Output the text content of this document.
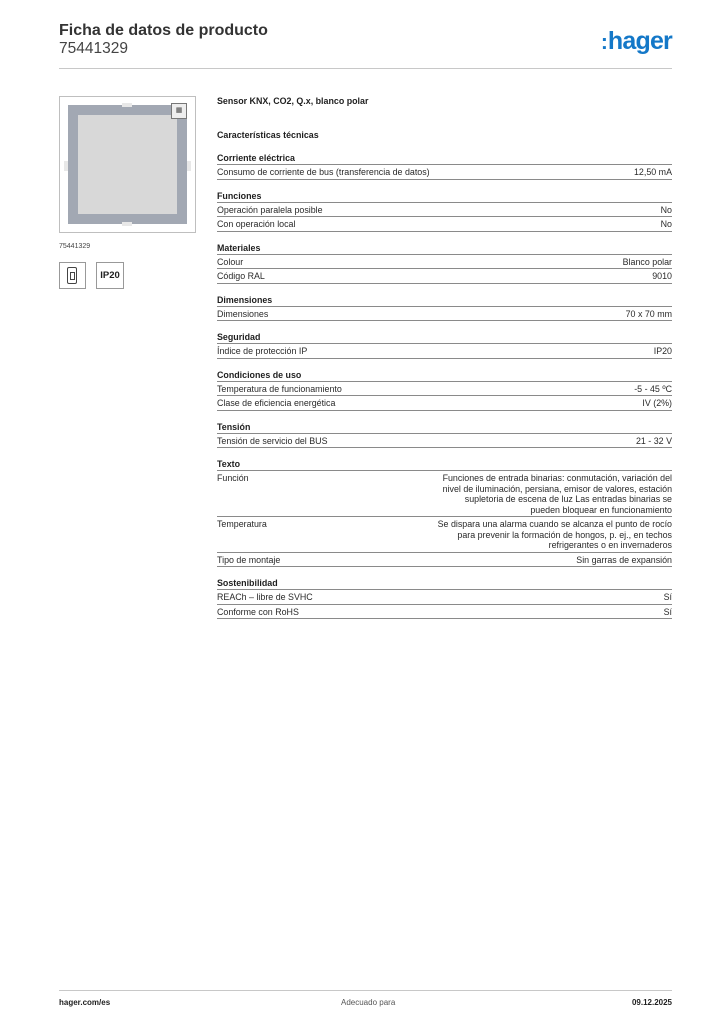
Ficha de datos de producto
75441329	:hager
▦
75441329
IP20
Sensor KNX, CO2, Q.x, blanco polar
Características técnicas
Corriente eléctrica
Consumo de corriente de bus (transferencia de datos)	12,50 mA
Funciones
Operación paralela posible	No
Con operación local	No
Materiales
Colour	Blanco polar
Código RAL	9010
Dimensiones
Dimensiones	70 x 70 mm
Seguridad
Índice de protección IP	IP20
Condiciones de uso
Temperatura de funcionamiento	-5 - 45 ºC
Clase de eficiencia energética	IV (2%)
Tensión
Tensión de servicio del BUS	21 - 32 V
Texto
Función	Funciones de entrada binarias: conmutación, variación del nivel de iluminación, persiana, emisor de valores, estación supletoria de escena de luz Las entradas binarias se pueden bloquear en funcionamiento
Temperatura	Se dispara una alarma cuando se alcanza el punto de rocío para prevenir la formación de hongos, p. ej., en techos refrigerantes o en invernaderos
Tipo de montaje	Sin garras de expansión
Sostenibilidad
REACh – libre de SVHC	Sí
Conforme con RoHS	Sí
hager.com/es	Adecuado para	09.12.2025
